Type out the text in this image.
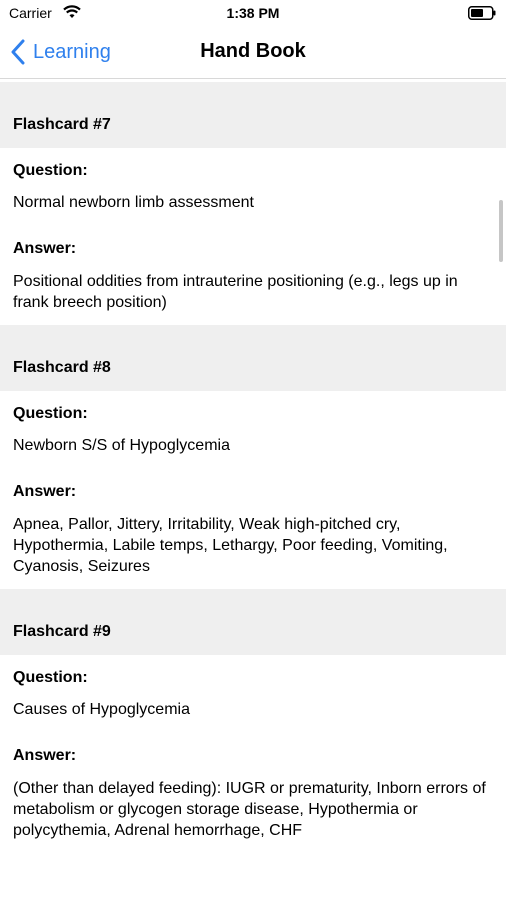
Carrier	1:38 PM
Learning	Hand Book
Flashcard #7
Question:
Normal newborn limb assessment
Answer:
Positional oddities from intrauterine positioning (e.g., legs up in frank breech position)
Flashcard #8
Question:
Newborn S/S of Hypoglycemia
Answer:
Apnea, Pallor, Jittery, Irritability, Weak high-pitched cry, Hypothermia, Labile temps, Lethargy, Poor feeding, Vomiting, Cyanosis, Seizures
Flashcard #9
Question:
Causes of Hypoglycemia
Answer:
(Other than delayed feeding): IUGR or prematurity, Inborn errors of metabolism or glycogen storage disease, Hypothermia or polycythemia, Adrenal hemorrhage, CHF
